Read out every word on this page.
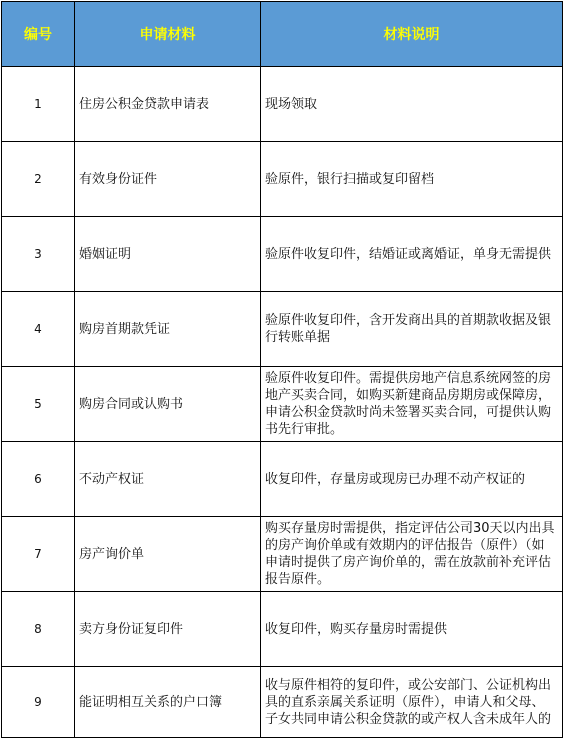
编号	申请材料	材料说明
1	住房公积金贷款申请表	现场领取
2	有效身份证件	验原件，银行扫描或复印留档
3	婚姻证明	验原件收复印件，结婚证或离婚证，单身无需提供
4	购房首期款凭证	验原件收复印件，含开发商出具的首期款收据及银行转账单据
5	购房合同或认购书	验原件收复印件。需提供房地产信息系统网签的房地产买卖合同，如购买新建商品房期房或保障房，申请公积金贷款时尚未签署买卖合同，可提供认购书先行审批。
6	不动产权证	收复印件，存量房或现房已办理不动产权证的
7	房产询价单	购买存量房时需提供，指定评估公司30天以内出具的房产询价单或有效期内的评估报告（原件）（如申请时提供了房产询价单的，需在放款前补充评估报告原件。
8	卖方身份证复印件	收复印件，购买存量房时需提供
9	能证明相互关系的户口簿	收与原件相符的复印件，或公安部门、公证机构出具的直系亲属关系证明（原件），申请人和父母、子女共同申请公积金贷款的或产权人含未成年人的
